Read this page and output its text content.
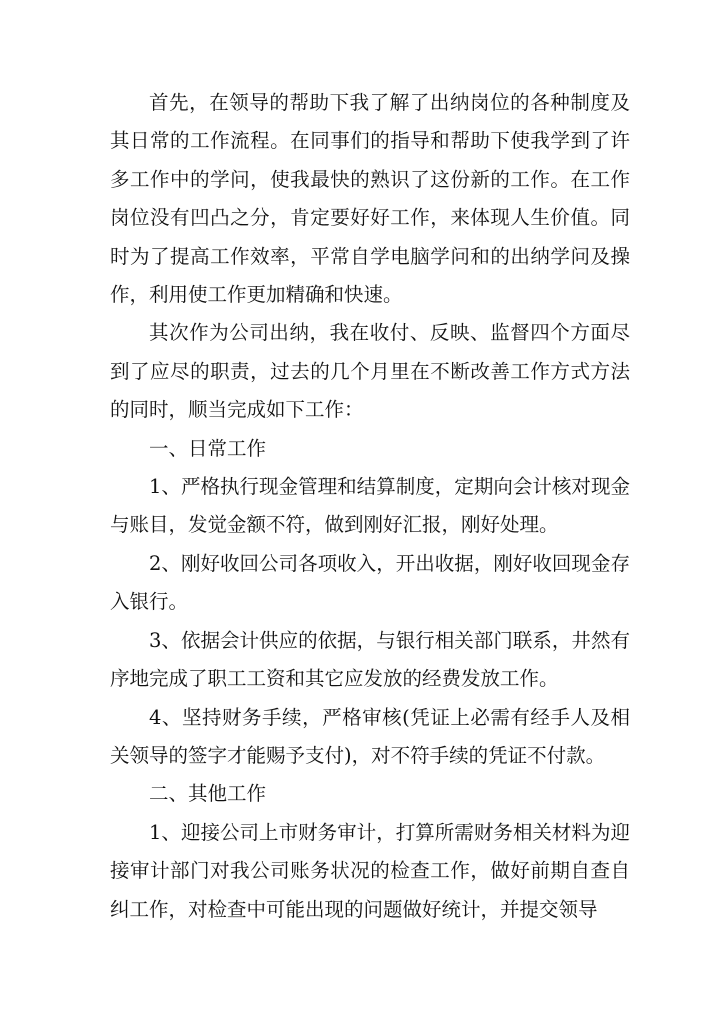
首先，在领导的帮助下我了解了出纳岗位的各种制度及其日常的工作流程。在同事们的指导和帮助下使我学到了许多工作中的学问，使我最快的熟识了这份新的工作。在工作岗位没有凹凸之分，肯定要好好工作，来体现人生价值。同时为了提高工作效率，平常自学电脑学问和的出纳学问及操作，利用使工作更加精确和快速。

其次作为公司出纳，我在收付、反映、监督四个方面尽到了应尽的职责，过去的几个月里在不断改善工作方式方法的同时，顺当完成如下工作：

一、日常工作

1、严格执行现金管理和结算制度，定期向会计核对现金与账目，发觉金额不符，做到刚好汇报，刚好处理。

2、刚好收回公司各项收入，开出收据，刚好收回现金存入银行。

3、依据会计供应的依据，与银行相关部门联系，井然有序地完成了职工工资和其它应发放的经费发放工作。

4、坚持财务手续，严格审核(凭证上必需有经手人及相关领导的签字才能赐予支付)，对不符手续的凭证不付款。

二、其他工作

1、迎接公司上市财务审计，打算所需财务相关材料为迎接审计部门对我公司账务状况的检查工作，做好前期自查自纠工作，对检查中可能出现的问题做好统计，并提交领导
